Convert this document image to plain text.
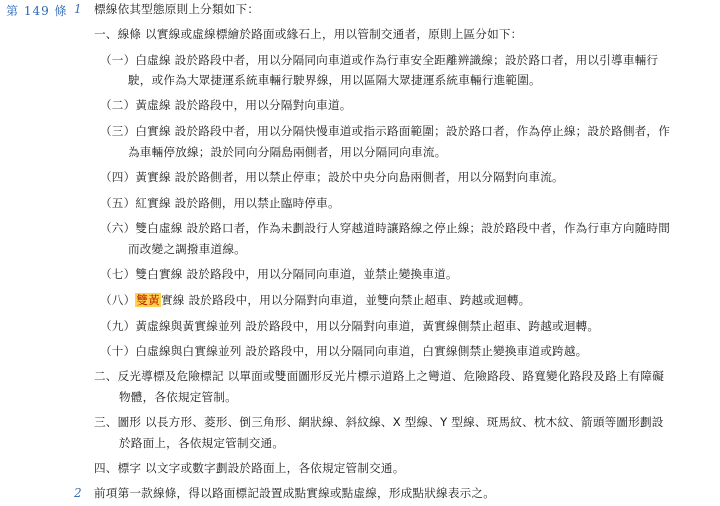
第 149 條 1 標線依其型態原則上分類如下：
一、線條 以實線或虛線標繪於路面或緣石上，用以管制交通者，原則上區分如下：
（一）白虛線 設於路段中者，用以分隔同向車道或作為行車安全距離辨識線；設於路口者，用以引導車輛行
駛，或作為大眾捷運系統車輛行駛界線，用以區隔大眾捷運系統車輛行進範圍。
（二）黃虛線 設於路段中，用以分隔對向車道。
（三）白實線 設於路段中者，用以分隔快慢車道或指示路面範圍；設於路口者，作為停止線；設於路側者，作
為車輛停放線；設於同向分隔島兩側者，用以分隔同向車流。
（四）黃實線 設於路側者，用以禁止停車；設於中央分向島兩側者，用以分隔對向車流。
（五）紅實線 設於路側，用以禁止臨時停車。
（六）雙白虛線 設於路口者，作為未劃設行人穿越道時讓路線之停止線；設於路段中者，作為行車方向隨時間
而改變之調撥車道線。
（七）雙白實線 設於路段中，用以分隔同向車道，並禁止變換車道。
（八）雙黃實線 設於路段中，用以分隔對向車道，並雙向禁止超車、跨越或迴轉。
（九）黃虛線與黃實線並列 設於路段中，用以分隔對向車道，黃實線側禁止超車、跨越或迴轉。
（十）白虛線與白實線並列 設於路段中，用以分隔同向車道，白實線側禁止變換車道或跨越。
二、反光導標及危險標記 以單面或雙面圖形反光片標示道路上之彎道、危險路段、路寬變化路段及路上有障礙
物體，各依規定管制。
三、圖形 以長方形、菱形、倒三角形、網狀線、斜紋線、X 型線、Y 型線、斑馬紋、枕木紋、箭頭等圖形劃設
於路面上，各依規定管制交通。
四、標字 以文字或數字劃設於路面上，各依規定管制交通。
2 前項第一款線條，得以路面標記設置成點實線或點虛線，形成點狀線表示之。
